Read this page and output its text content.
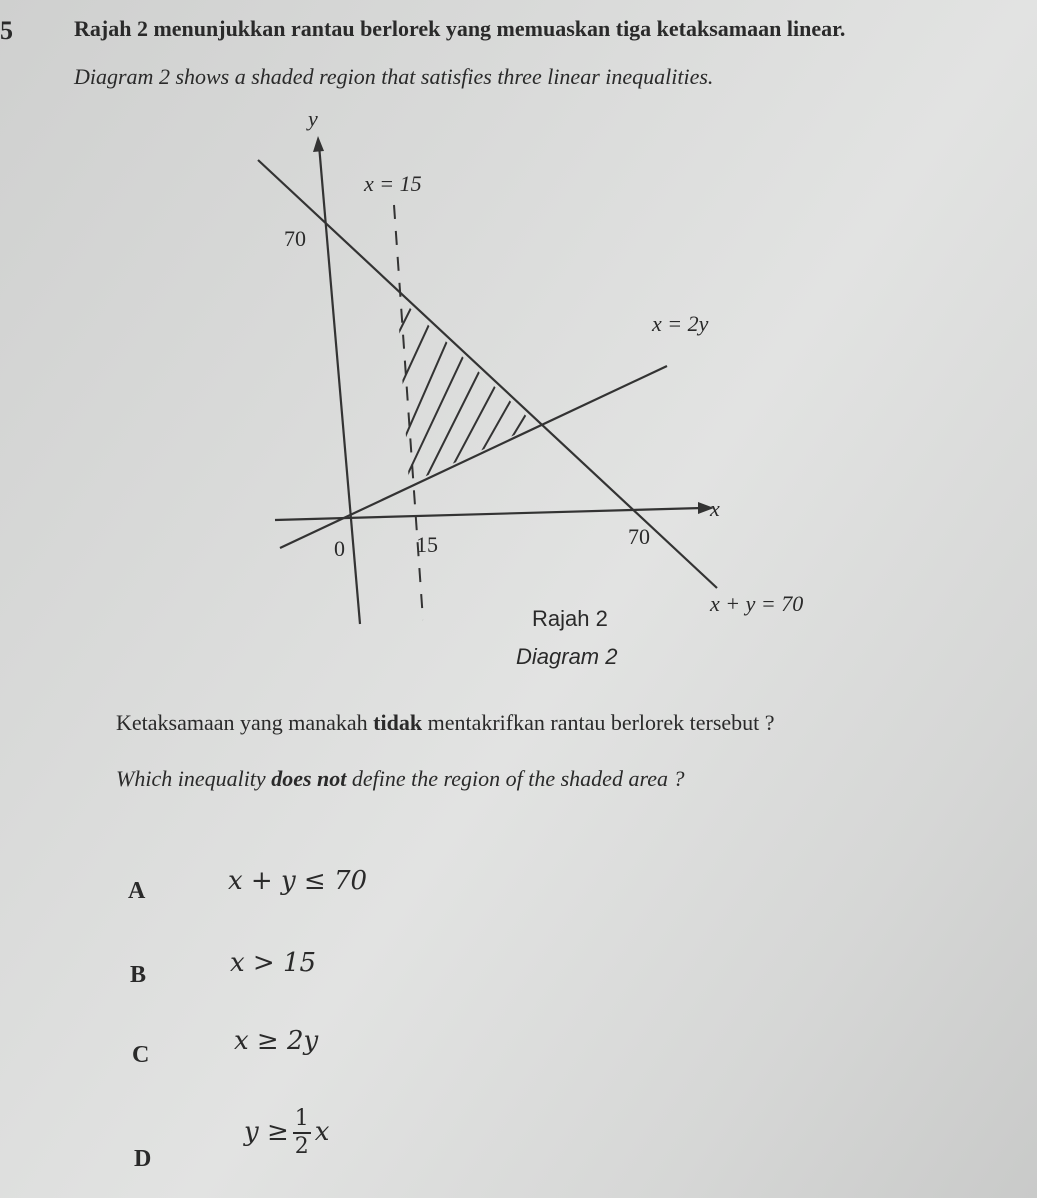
5	Rajah 2 menunjukkan rantau berlorek yang memuaskan tiga ketaksamaan linear.
Diagram 2 shows a shaded region that satisfies three linear inequalities.
y
x
0
70
70
15
x = 15
x = 2y
x + y = 70
Rajah 2
Diagram 2
Ketaksamaan yang manakah tidak mentakrifkan rantau berlorek tersebut ?
Which inequality does not define the region of the shaded area ?
A	x + y ≤ 70
B	x > 15
C	x ≥ 2y
D
$y \ge \frac{1}{2}$ x
